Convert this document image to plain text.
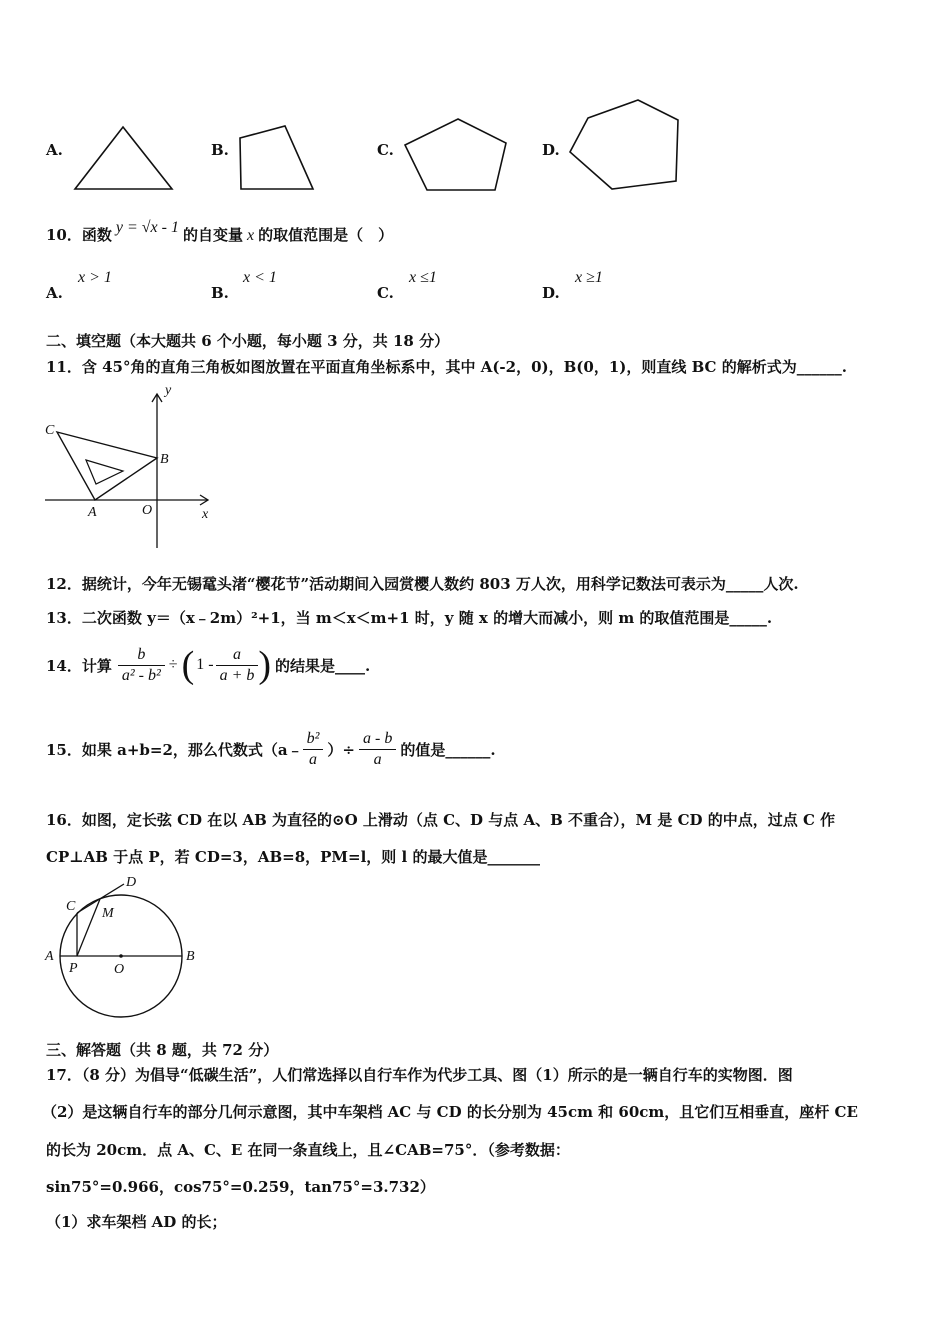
A.	B.	C.	D.
10．函数 y = √x - 1 的自变量 x 的取值范围是（　）
A.
x > 1
B.
x < 1
C.
x ≤1
D.
x ≥1
二、填空题（本大题共 6 个小题，每小题 3 分，共 18 分）
11．含 45°角的直角三角板如图放置在平面直角坐标系中，其中 A(-2，0)，B(0，1)，则直线 BC 的解析式为______.
C
B
A	O	x
y
12．据统计，今年无锡鼋头渚“樱花节”活动期间入园赏樱人数约 803 万人次，用科学记数法可表示为_____人次.
13．二次函数 y＝（x﹣2m）²+1，当 m＜x＜m+1 时，y 随 x 的增大而减小，则 m 的取值范围是_____.
14．计算 $\frac{b}{\text{a² - b²}}$ ÷ ( $1 - \frac{a}{a + b}$ ) 的结果是____.
15．如果 a+b=2，那么代数式（a﹣ $\frac{\text{b²}}{a}$ ）÷ $\frac{a - b}{a}$ 的值是______.
16．如图，定长弦 CD 在以 AB 为直径的⊙O 上滑动（点 C、D 与点 A、B 不重合），M 是 CD 的中点，过点 C 作
CP⊥AB 于点 P，若 CD=3，AB=8，PM=l，则 l 的最大值是_______
A	B
C
D
M
P	O
三、解答题（共 8 题，共 72 分）
17．（8 分）为倡导“低碳生活”，人们常选择以自行车作为代步工具、图（1）所示的是一辆自行车的实物图．图
（2）是这辆自行车的部分几何示意图，其中车架档 AC 与 CD 的长分别为 45cm 和 60cm，且它们互相垂直，座杆 CE
的长为 20cm．点 A、C、E 在同一条直线上，且∠CAB=75°．（参考数据：
sin75°=0.966，cos75°=0.259，tan75°=3.732）
（1）求车架档 AD 的长；
